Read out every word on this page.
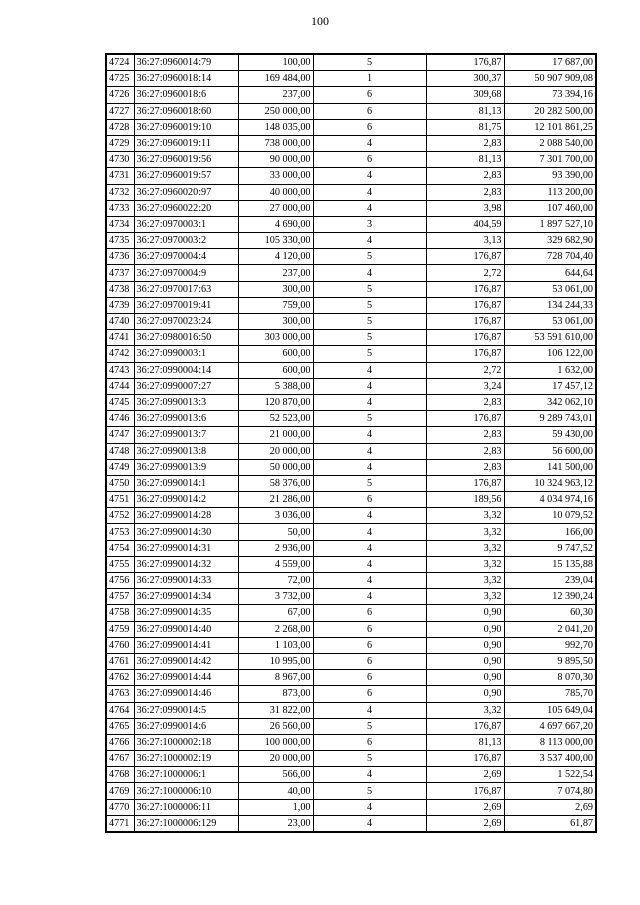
100
4724	36:27:0960014:79	100,00	5	176,87	17 687,00
4725	36:27:0960018:14	169 484,00	1	300,37	50 907 909,08
4726	36:27:0960018:6	237,00	6	309,68	73 394,16
4727	36:27:0960018:60	250 000,00	6	81,13	20 282 500,00
4728	36:27:0960019:10	148 035,00	6	81,75	12 101 861,25
4729	36:27:0960019:11	738 000,00	4	2,83	2 088 540,00
4730	36:27:0960019:56	90 000,00	6	81,13	7 301 700,00
4731	36:27:0960019:57	33 000,00	4	2,83	93 390,00
4732	36:27:0960020:97	40 000,00	4	2,83	113 200,00
4733	36:27:0960022:20	27 000,00	4	3,98	107 460,00
4734	36:27:0970003:1	4 690,00	3	404,59	1 897 527,10
4735	36:27:0970003:2	105 330,00	4	3,13	329 682,90
4736	36:27:0970004:4	4 120,00	5	176,87	728 704,40
4737	36:27:0970004:9	237,00	4	2,72	644,64
4738	36:27:0970017:63	300,00	5	176,87	53 061,00
4739	36:27:0970019:41	759,00	5	176,87	134 244,33
4740	36:27:0970023:24	300,00	5	176,87	53 061,00
4741	36:27:0980016:50	303 000,00	5	176,87	53 591 610,00
4742	36:27:0990003:1	600,00	5	176,87	106 122,00
4743	36:27:0990004:14	600,00	4	2,72	1 632,00
4744	36:27:0990007:27	5 388,00	4	3,24	17 457,12
4745	36:27:0990013:3	120 870,00	4	2,83	342 062,10
4746	36:27:0990013:6	52 523,00	5	176,87	9 289 743,01
4747	36:27:0990013:7	21 000,00	4	2,83	59 430,00
4748	36:27:0990013:8	20 000,00	4	2,83	56 600,00
4749	36:27:0990013:9	50 000,00	4	2,83	141 500,00
4750	36:27:0990014:1	58 376,00	5	176,87	10 324 963,12
4751	36:27:0990014:2	21 286,00	6	189,56	4 034 974,16
4752	36:27:0990014:28	3 036,00	4	3,32	10 079,52
4753	36:27:0990014:30	50,00	4	3,32	166,00
4754	36:27:0990014:31	2 936,00	4	3,32	9 747,52
4755	36:27:0990014:32	4 559,00	4	3,32	15 135,88
4756	36:27:0990014:33	72,00	4	3,32	239,04
4757	36:27:0990014:34	3 732,00	4	3,32	12 390,24
4758	36:27:0990014:35	67,00	6	0,90	60,30
4759	36:27:0990014:40	2 268,00	6	0,90	2 041,20
4760	36:27:0990014:41	1 103,00	6	0,90	992,70
4761	36:27:0990014:42	10 995,00	6	0,90	9 895,50
4762	36:27:0990014:44	8 967,00	6	0,90	8 070,30
4763	36:27:0990014:46	873,00	6	0,90	785,70
4764	36:27:0990014:5	31 822,00	4	3,32	105 649,04
4765	36:27:0990014:6	26 560,00	5	176,87	4 697 667,20
4766	36:27:1000002:18	100 000,00	6	81,13	8 113 000,00
4767	36:27:1000002:19	20 000,00	5	176,87	3 537 400,00
4768	36:27:1000006:1	566,00	4	2,69	1 522,54
4769	36:27:1000006:10	40,00	5	176,87	7 074,80
4770	36:27:1000006:11	1,00	4	2,69	2,69
4771	36:27:1000006:129	23,00	4	2,69	61,87
